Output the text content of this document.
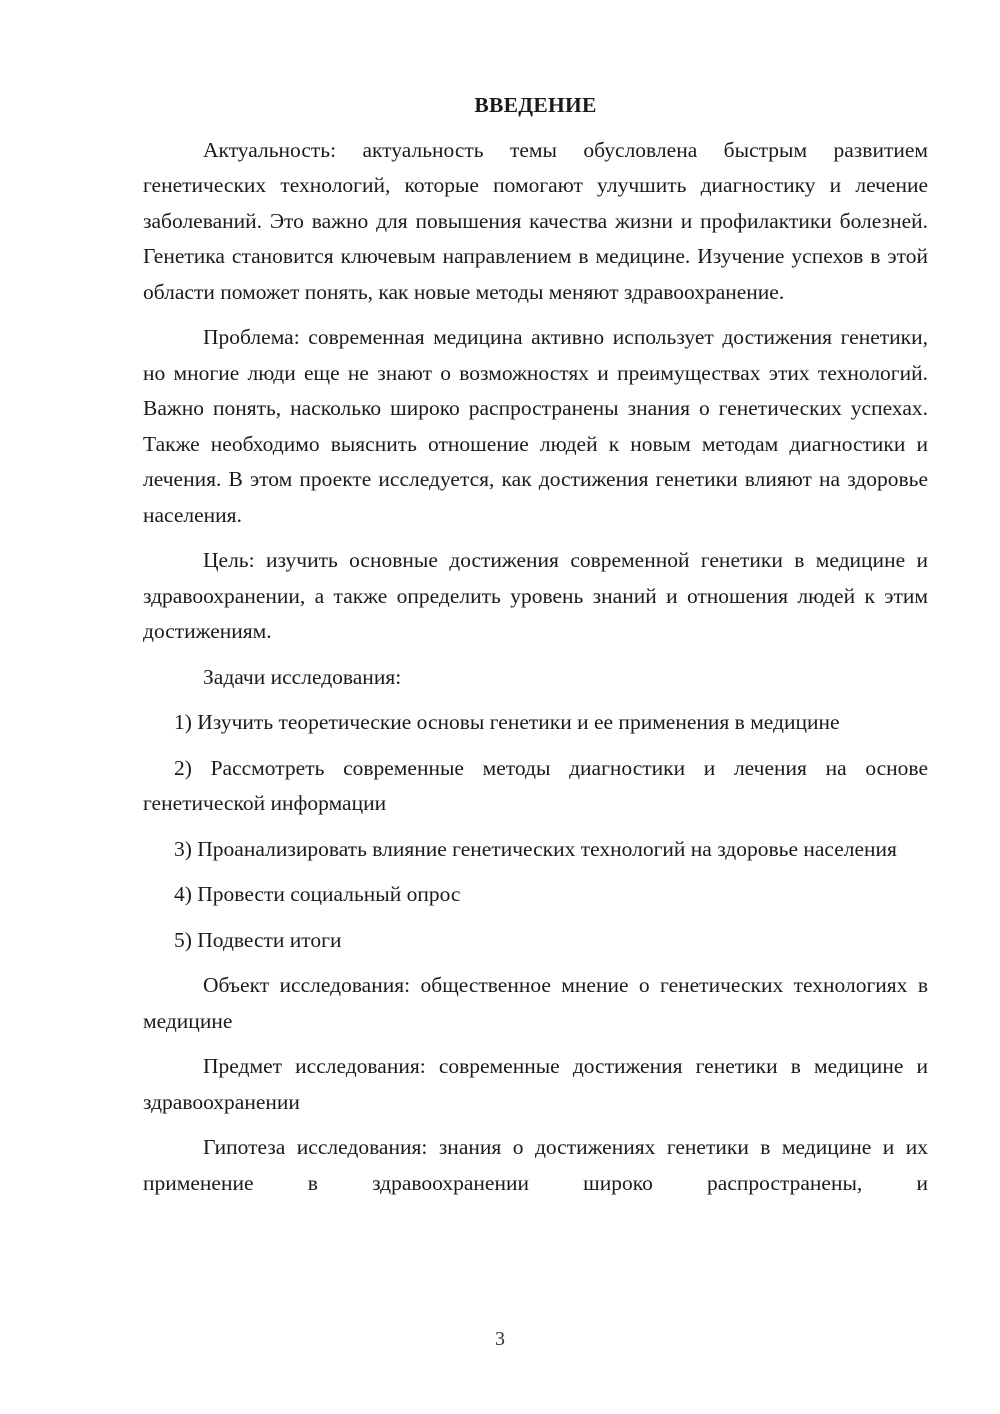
ВВЕДЕНИЕ

Актуальность: актуальность темы обусловлена быстрым развитием генетических технологий, которые помогают улучшить диагностику и лечение заболеваний. Это важно для повышения качества жизни и профилактики болезней. Генетика становится ключевым направлением в медицине. Изучение успехов в этой области поможет понять, как новые методы меняют здравоохранение.

Проблема: современная медицина активно использует достижения генетики, но многие люди еще не знают о возможностях и преимуществах этих технологий. Важно понять, насколько широко распространены знания о генетических успехах. Также необходимо выяснить отношение людей к новым методам диагностики и лечения. В этом проекте исследуется, как достижения генетики влияют на здоровье населения.

Цель: изучить основные достижения современной генетики в медицине и здравоохранении, а также определить уровень знаний и отношения людей к этим достижениям.

Задачи исследования:

1) Изучить теоретические основы генетики и ее применения в медицине

2) Рассмотреть современные методы диагностики и лечения на основе генетической информации

3) Проанализировать влияние генетических технологий на здоровье населения

4) Провести социальный опрос

5) Подвести итоги

Объект исследования: общественное мнение о генетических технологиях в медицине

Предмет исследования: современные достижения генетики в медицине и здравоохранении

Гипотеза исследования: знания о достижениях генетики в медицине и их применение в здравоохранении широко распространены, и

3
